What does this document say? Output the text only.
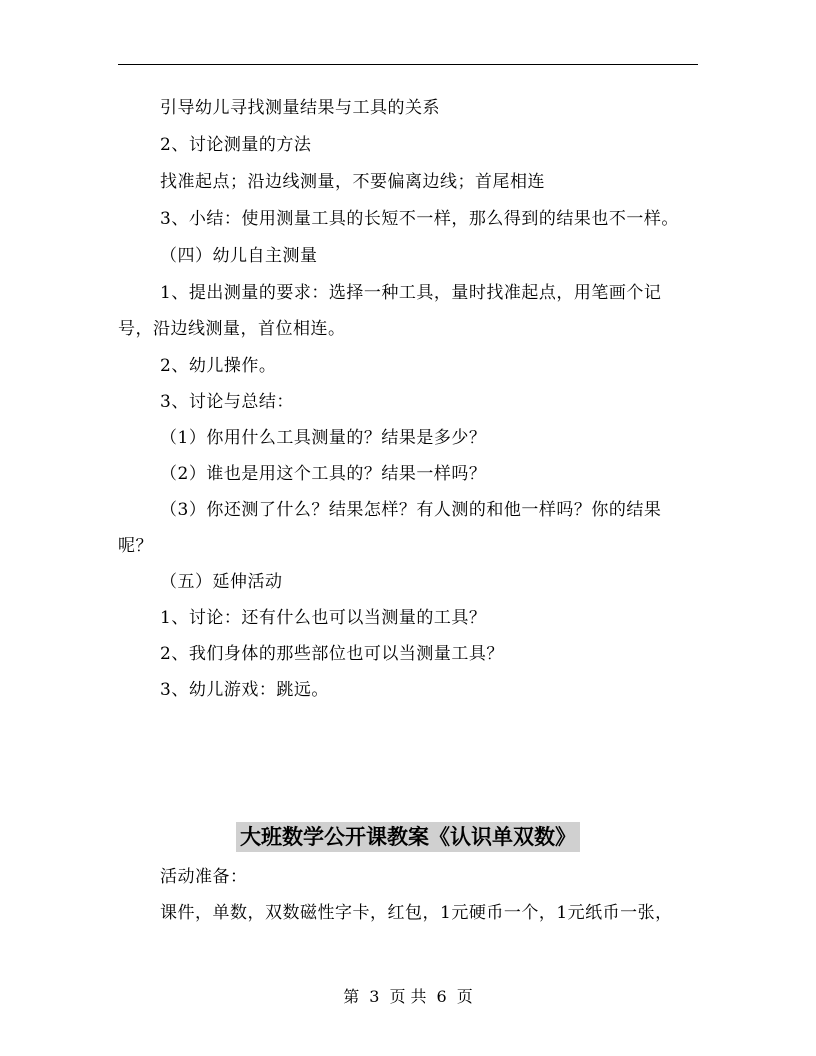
引导幼儿寻找测量结果与工具的关系
2、讨论测量的方法
找准起点；沿边线测量，不要偏离边线；首尾相连
3、小结：使用测量工具的长短不一样，那么得到的结果也不一样。
（四）幼儿自主测量
1、提出测量的要求：选择一种工具，量时找准起点，用笔画个记
号，沿边线测量，首位相连。
2、幼儿操作。
3、讨论与总结：
（1）你用什么工具测量的？结果是多少？
（2）谁也是用这个工具的？结果一样吗？
（3）你还测了什么？结果怎样？有人测的和他一样吗？你的结果
呢？
（五）延伸活动
1、讨论：还有什么也可以当测量的工具？
2、我们身体的那些部位也可以当测量工具？
3、幼儿游戏：跳远。
大班数学公开课教案《认识单双数》
活动准备：
课件，单数，双数磁性字卡，红包，1元硬币一个，1元纸币一张，
第 3 页 共 6 页
